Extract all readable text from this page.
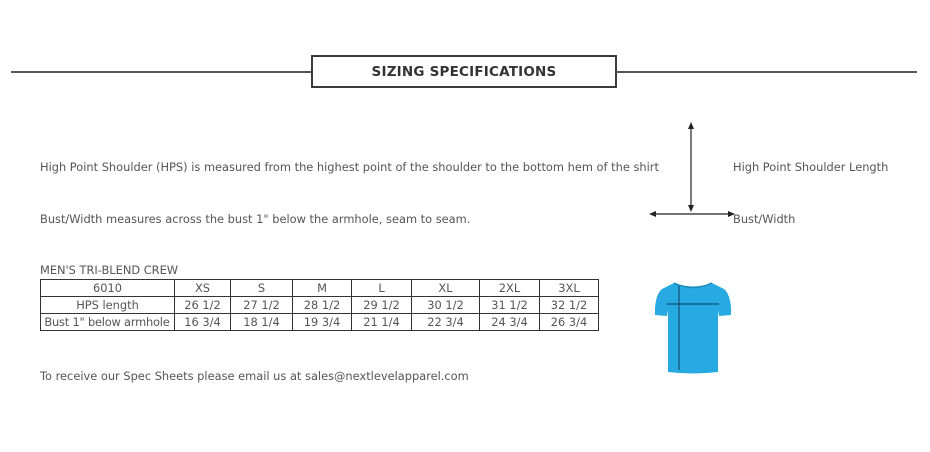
SIZING SPECIFICATIONS
High Point Shoulder (HPS) is measured from the highest point of the shoulder to the bottom hem of the shirt
Bust/Width measures across the bust 1" below the armhole, seam to seam.
High Point Shoulder Length
Bust/Width
MEN'S TRI-BLEND CREW
6010	XS	S	M	L	XL	2XL	3XL
HPS length	26 1/2	27 1/2	28 1/2	29 1/2	30 1/2	31 1/2	32 1/2
Bust 1" below armhole	16 3/4	18 1/4	19 3/4	21 1/4	22 3/4	24 3/4	26 3/4
To receive our Spec Sheets please email us at sales@nextlevelapparel.com
